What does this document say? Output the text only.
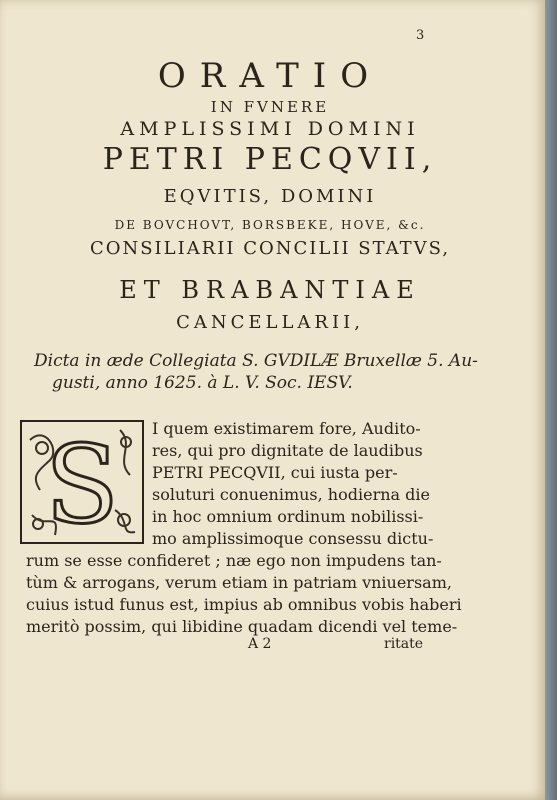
3
ORATIO
IN FVNERE
AMPLISSIMI DOMINI
PETRI PECQVII,
EQVITIS, DOMINI
DE BOVCHOVT, BORSBEKE, HOVE, &c.
CONSILIARII CONCILII STATVS,
ET BRABANTIAE
CANCELLARII,
Dicta in æde Collegiata S. GVDILÆ Bruxellæ 5. Au-
gusti, anno 1625. à L. V. Soc. IESV.
S I quem existimarem fore, Audito-
res, qui pro dignitate de laudibus
PETRI PECQVII, cui iusta per-
soluturi conuenimus, hodierna die
in hoc omnium ordinum nobilissi-
mo amplissimoque consessu dictu-
rum se esse confideret ; næ ego non impudens tan-
tùm & arrogans, verum etiam in patriam vniuersam,
cuius istud funus est, impius ab omnibus vobis haberi
meritò possim, qui libidine quadam dicendi vel teme-
A 2	ritate
